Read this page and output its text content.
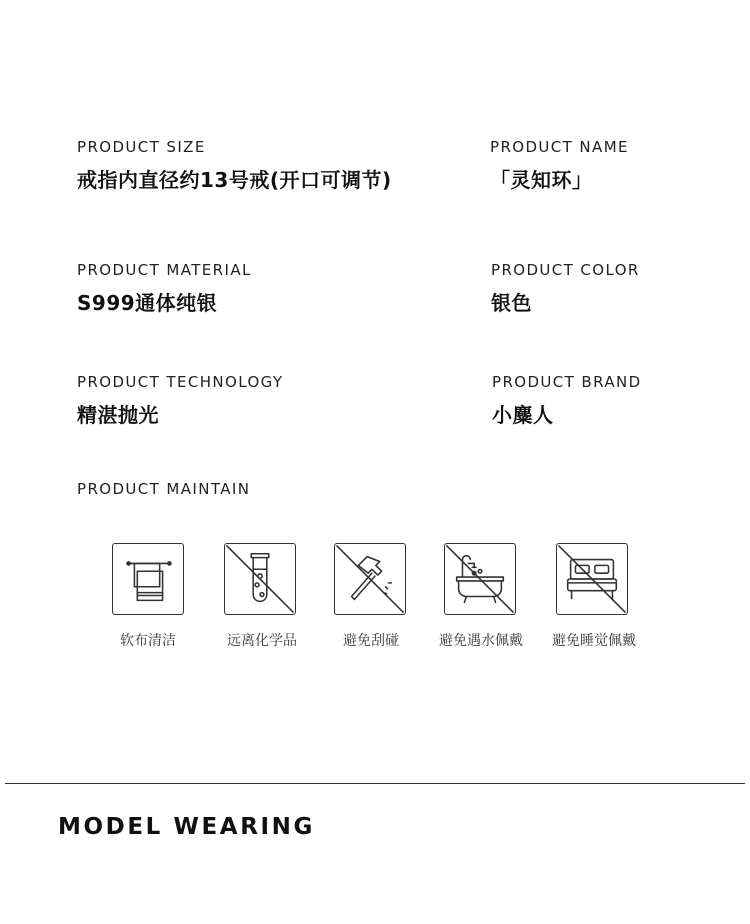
PRODUCT SIZE
戒指内直径约13号戒(开口可调节)
PRODUCT NAME
「灵知环」
PRODUCT MATERIAL
S999通体纯银
PRODUCT COLOR
银色
PRODUCT TECHNOLOGY
精湛抛光
PRODUCT BRAND
小麋人
PRODUCT MAINTAIN
软布清洁	远离化学品	避免刮碰	避免遇水佩戴	避免睡觉佩戴
MODEL WEARING
